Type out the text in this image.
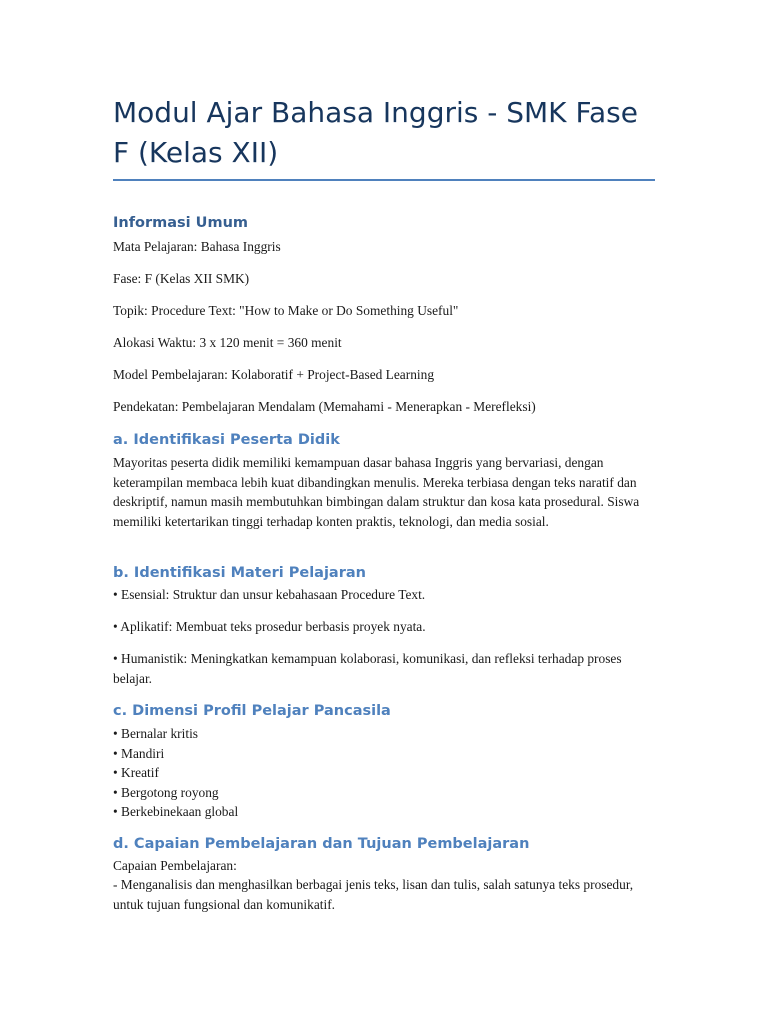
Modul Ajar Bahasa Inggris - SMK Fase F (Kelas XII)
Informasi Umum

Mata Pelajaran: Bahasa Inggris

Fase: F (Kelas XII SMK)

Topik: Procedure Text: "How to Make or Do Something Useful"

Alokasi Waktu: 3 x 120 menit = 360 menit

Model Pembelajaran: Kolaboratif + Project-Based Learning

Pendekatan: Pembelajaran Mendalam (Memahami - Menerapkan - Merefleksi)

a. Identifikasi Peserta Didik

Mayoritas peserta didik memiliki kemampuan dasar bahasa Inggris yang bervariasi, dengan keterampilan membaca lebih kuat dibandingkan menulis. Mereka terbiasa dengan teks naratif dan deskriptif, namun masih membutuhkan bimbingan dalam struktur dan kosa kata prosedural. Siswa memiliki ketertarikan tinggi terhadap konten praktis, teknologi, dan media sosial.

b. Identifikasi Materi Pelajaran

• Esensial: Struktur dan unsur kebahasaan Procedure Text.

• Aplikatif: Membuat teks prosedur berbasis proyek nyata.

• Humanistik: Meningkatkan kemampuan kolaborasi, komunikasi, dan refleksi terhadap proses belajar.

c. Dimensi Profil Pelajar Pancasila
• Bernalar kritis
• Mandiri
• Kreatif
• Bergotong royong
• Berkebinekaan global
d. Capaian Pembelajaran dan Tujuan Pembelajaran

Capaian Pembelajaran:

- Menganalisis dan menghasilkan berbagai jenis teks, lisan dan tulis, salah satunya teks prosedur, untuk tujuan fungsional dan komunikatif.
